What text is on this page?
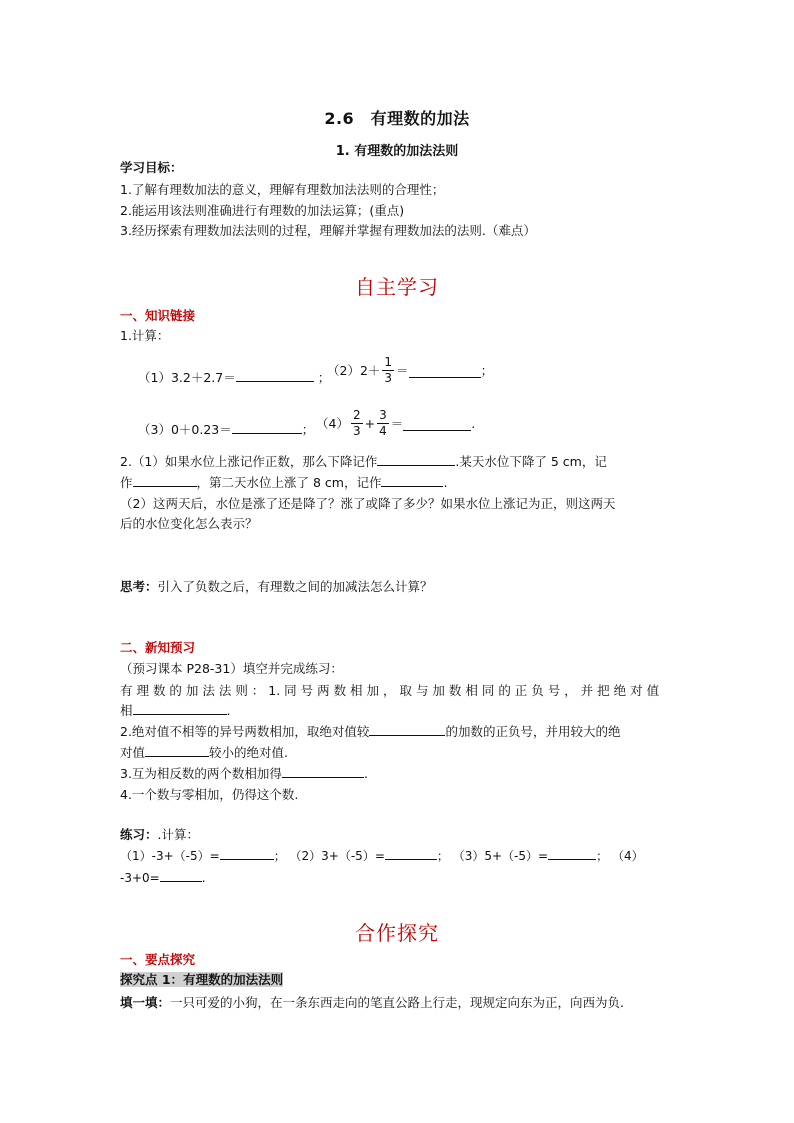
2.6　有理数的加法
1. 有理数的加法法则
学习目标：
1.了解有理数加法的意义，理解有理数加法法则的合理性；
2.能运用该法则准确进行有理数的加法运算；(重点)
3.经历探索有理数加法法则的过程，理解并掌握有理数加法的法则.（难点）
自主学习
一、知识链接
1.计算：
（1）3.2＋2.7＝	；
$(2)2+ \frac{1}{3}$ ＝	；
（3）0＋0.23＝	； $(4) \frac{2}{3} + \frac{3}{4}$ ＝	.
2.（1）如果水位上涨记作正数，那么下降记作	.某天水位下降了 5 cm，记
作	，第二天水位上涨了 8 cm，记作	.
（2）这两天后，水位是涨了还是降了？涨了或降了多少？如果水位上涨记为正，则这两天
后的水位变化怎么表示？
思考：引入了负数之后，有理数之间的加减法怎么计算？
二、新知预习
（预习课本 P28-31）填空并完成练习：
有 理 数 的 加 法 法 则 ： 1. 同 号 两 数 相 加 ， 取 与 加 数 相 同 的 正 负 号 ， 并 把 绝 对 值
相	.
2.绝对值不相等的异号两数相加，取绝对值较	的加数的正负号，并用较大的绝
对值	较小的绝对值.
3.互为相反数的两个数相加得	.
4.一个数与零相加，仍得这个数.
练习：.计算：
（1）-3+（-5）=	； （2）3+（-5）=	； （3）5+（-5）=	； （4）
-3+0=	.
合作探究
一、要点探究
探究点 1：有理数的加法法则
填一填：一只可爱的小狗，在一条东西走向的笔直公路上行走，现规定向东为正，向西为负.
